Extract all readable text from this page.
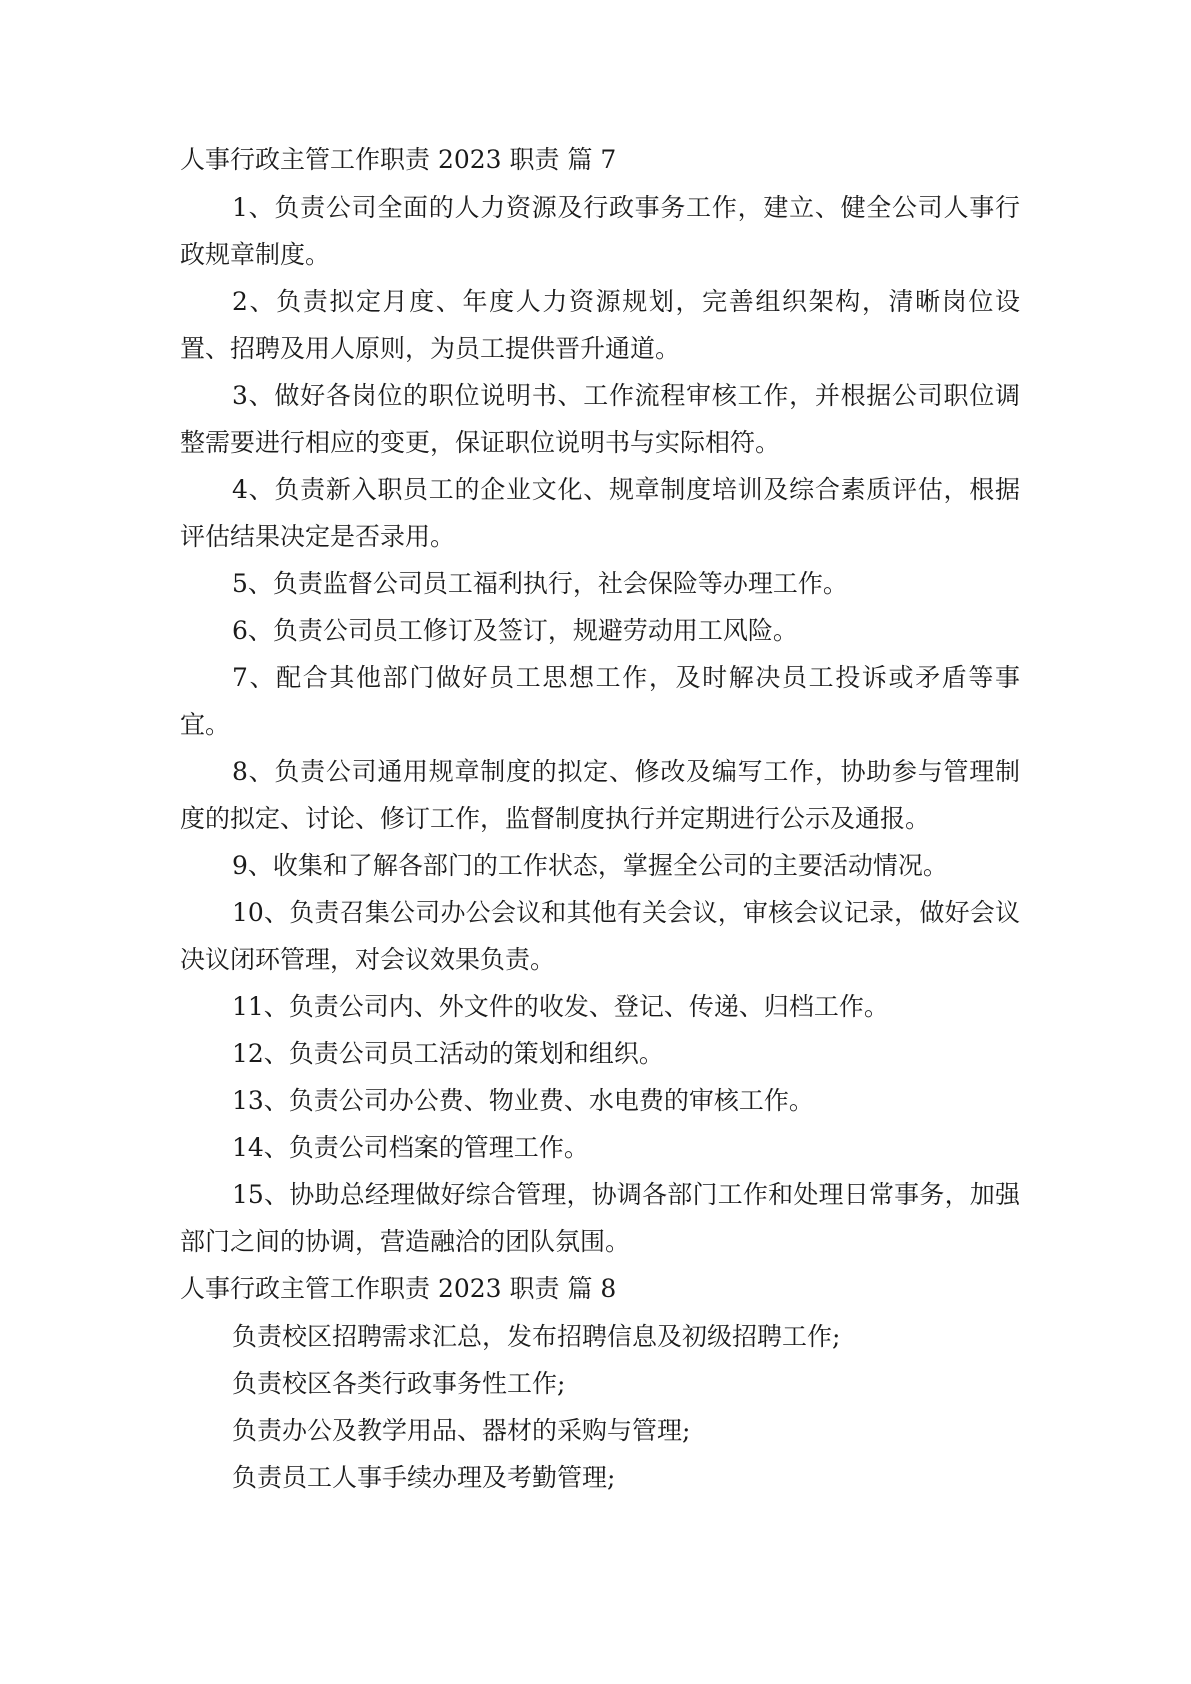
人事行政主管工作职责 2023 职责 篇 7

1、负责公司全面的人力资源及行政事务工作，建立、健全公司人事行政规章制度。

2、负责拟定月度、年度人力资源规划，完善组织架构，清晰岗位设置、招聘及用人原则，为员工提供晋升通道。

3、做好各岗位的职位说明书、工作流程审核工作，并根据公司职位调整需要进行相应的变更，保证职位说明书与实际相符。

4、负责新入职员工的企业文化、规章制度培训及综合素质评估，根据评估结果决定是否录用。

5、负责监督公司员工福利执行，社会保险等办理工作。

6、负责公司员工修订及签订，规避劳动用工风险。

7、配合其他部门做好员工思想工作，及时解决员工投诉或矛盾等事宜。

8、负责公司通用规章制度的拟定、修改及编写工作，协助参与管理制度的拟定、讨论、修订工作，监督制度执行并定期进行公示及通报。

9、收集和了解各部门的工作状态，掌握全公司的主要活动情况。

10、负责召集公司办公会议和其他有关会议，审核会议记录，做好会议决议闭环管理，对会议效果负责。

11、负责公司内、外文件的收发、登记、传递、归档工作。

12、负责公司员工活动的策划和组织。

13、负责公司办公费、物业费、水电费的审核工作。

14、负责公司档案的管理工作。

15、协助总经理做好综合管理，协调各部门工作和处理日常事务，加强部门之间的协调，营造融洽的团队氛围。

人事行政主管工作职责 2023 职责 篇 8

负责校区招聘需求汇总，发布招聘信息及初级招聘工作;

负责校区各类行政事务性工作;

负责办公及教学用品、器材的采购与管理;

负责员工人事手续办理及考勤管理;
